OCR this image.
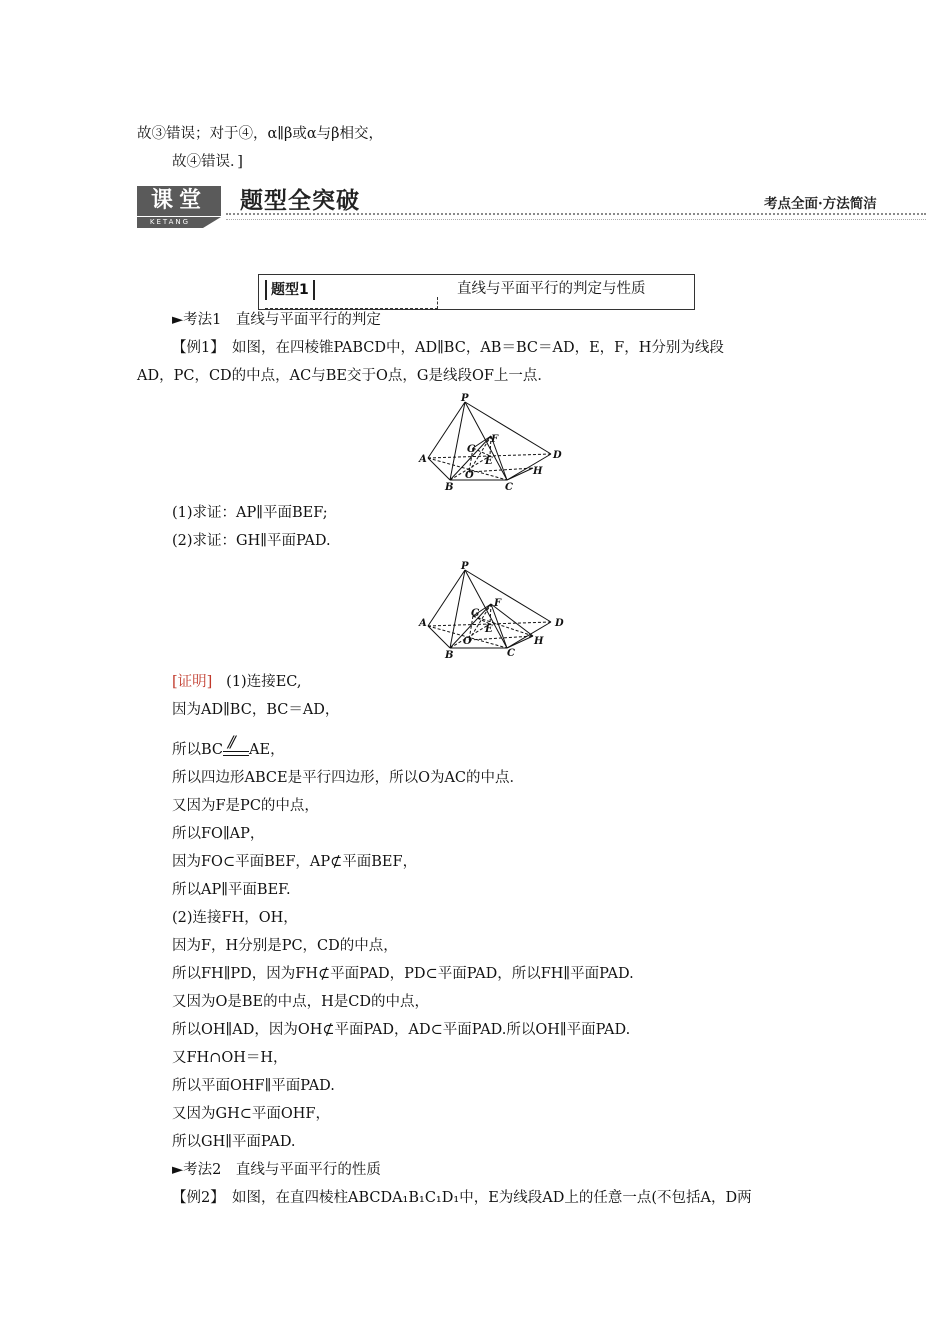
故③错误；对于④，α∥β或α与β相交，
故④错误．]
课堂
KETANG
题型全突破	考点全面·方法简洁
题型1	直线与平面平行的判定与性质
►考法1　直线与平面平行的判定
【例1】　如图，在四棱锥PABCD中，AD∥BC，AB＝BC＝AD，E，F，H分别为线段
AD，PC，CD的中点，AC与BE交于O点，G是线段OF上一点．
P
A
B	C
D
E
F
G
H
O
(1)求证：AP∥平面BEF;
(2)求证：GH∥平面PAD.
P
A
B	C
D
E
F
G
H
O
[证明] (1)连接EC,
因为AD∥BC，BC＝AD，
所以BC // AE，
所以四边形ABCE是平行四边形，所以O为AC的中点．
又因为F是PC的中点，
所以FO∥AP，
因为FO⊂平面BEF，AP⊄平面BEF，
所以AP∥平面BEF.
(2)连接FH，OH，
因为F，H分别是PC，CD的中点，
所以FH∥PD，因为FH⊄平面PAD，PD⊂平面PAD，所以FH∥平面PAD.
又因为O是BE的中点，H是CD的中点，
所以OH∥AD，因为OH⊄平面PAD，AD⊂平面PAD.所以OH∥平面PAD.
又FH∩OH＝H，
所以平面OHF∥平面PAD.
又因为GH⊂平面OHF，
所以GH∥平面PAD.
►考法2　直线与平面平行的性质
【例2】　如图，在直四棱柱ABCDA₁B₁C₁D₁中，E为线段AD上的任意一点(不包括A，D两
